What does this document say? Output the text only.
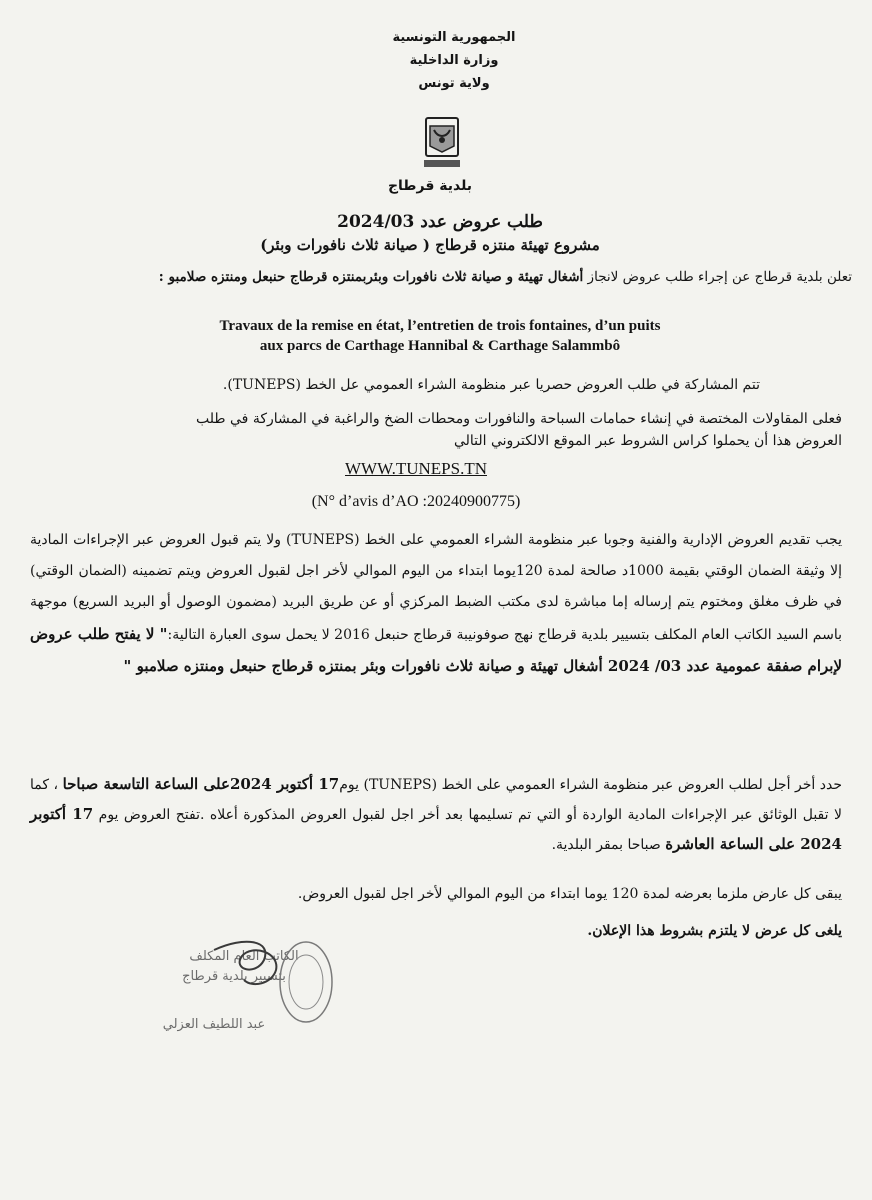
الجمهورية التونسية
وزارة الداخلية
ولاية تونس
بلدية قرطاج
طلب عروض عدد 2024/03
مشروع تهيئة منتزه قرطاج ( صيانة ثلاث نافورات وبئر)
تعلن بلدية قرطاج عن إجراء طلب عروض لانجاز أشغال تهيئة و صيانة ثلاث نافورات وبئربمنتزه قرطاج حنبعل ومنتزه صلامبو :
Travaux de la remise en état, l’entretien de trois fontaines, d’un puits
aux parcs de Carthage Hannibal & Carthage Salammbô
تتم المشاركة في طلب العروض حصريا عبر منظومة الشراء العمومي عل الخط (TUNEPS).
فعلى المقاولات المختصة في إنشاء حمامات السباحة والنافورات ومحطات الضخ والراغبة في المشاركة في طلب
العروض هذا أن يحملوا كراس الشروط عبر الموقع الالكتروني التالي
WWW.TUNEPS.TN
(N° d’avis d’AO :20240900775)
يجب تقديم العروض الإدارية والفنية وجوبا عبر منظومة الشراء العمومي على الخط (TUNEPS) ولا يتم قبول العروض عبر الإجراءات المادية إلا وثيقة الضمان الوقتي بقيمة 1000د صالحة لمدة 120يوما ابتداء من اليوم الموالي لأخر اجل لقبول العروض ويتم تضمينه (الضمان الوقتي) في ظرف مغلق ومختوم يتم إرساله إما مباشرة لدى مكتب الضبط المركزي أو عن طريق البريد (مضمون الوصول أو البريد السريع) موجهة باسم السيد الكاتب العام المكلف بتسيير بلدية قرطاج نهج صوفونيبة قرطاج حنبعل 2016 لا يحمل سوى العبارة التالية:" لا يفتح طلب عروض لإبرام صفقة عمومية عدد 03/ 2024 أشغال تهيئة و صيانة ثلاث نافورات وبئر بمنتزه قرطاج حنبعل ومنتزه صلامبو "
حدد أخر أجل لطلب العروض عبر منظومة الشراء العمومي على الخط (TUNEPS) يوم17 أكتوبر 2024على الساعة التاسعة صباحا ، كما لا تقبل الوثائق عبر الإجراءات المادية الواردة أو التي تم تسليمها بعد أخر اجل لقبول العروض المذكورة أعلاه .تفتح العروض يوم 17 أكتوبر 2024 على الساعة العاشرة صباحا بمقر البلدية.
يبقى كل عارض ملزما بعرضه لمدة 120 يوما ابتداء من اليوم الموالي لأخر اجل لقبول العروض.
يلغى كل عرض لا يلتزم بشروط هذا الإعلان.
الكاتب العام المكلف
بتسيير بلدية قرطاج
عبد اللطيف العزلي
